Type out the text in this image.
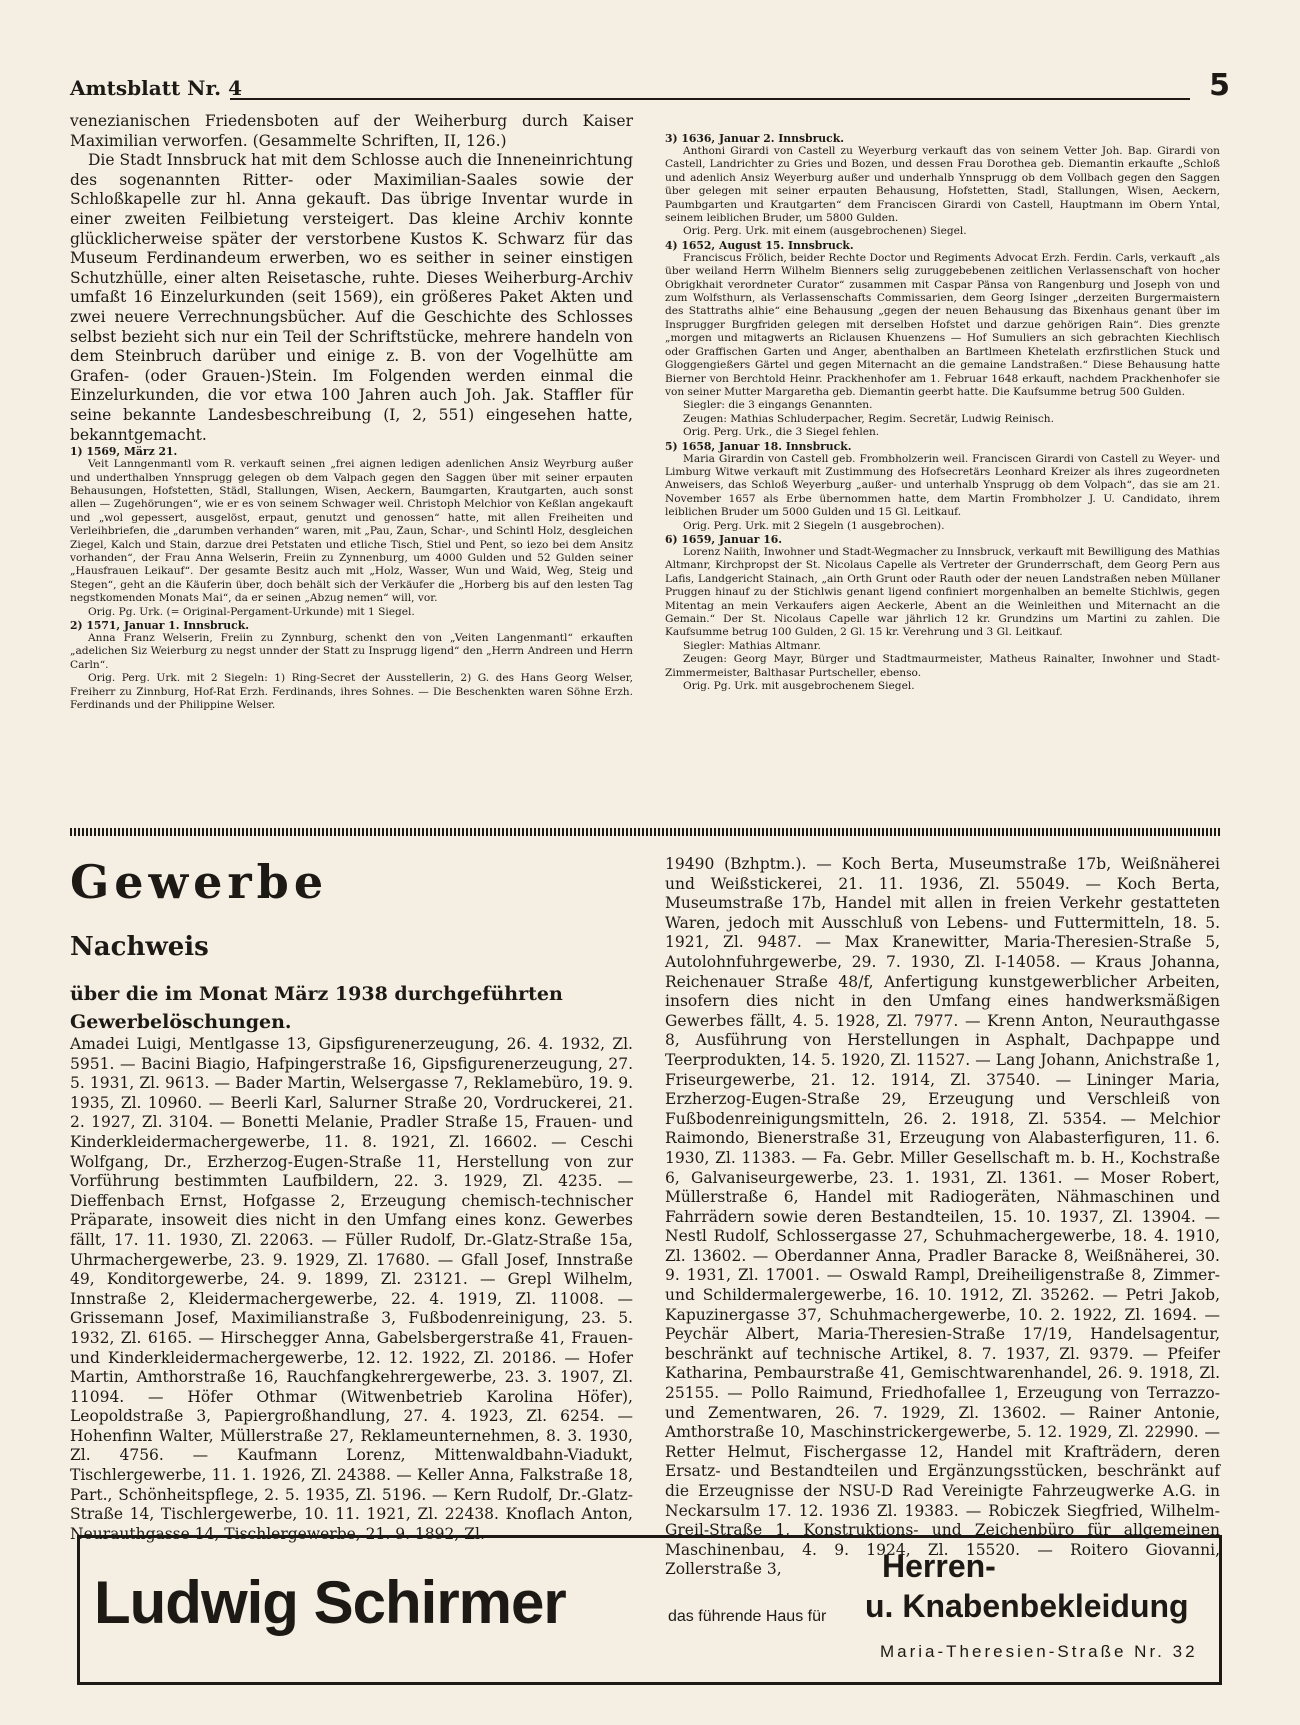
Amtsblatt Nr. 4	5

venezianischen Friedensboten auf der Weiherburg durch Kaiser Maximilian verworfen. (Gesammelte Schriften, II, 126.)

Die Stadt Innsbruck hat mit dem Schlosse auch die Inneneinrichtung des sogenannten Ritter- oder Maximilian-Saales sowie der Schloßkapelle zur hl. Anna gekauft. Das übrige Inventar wurde in einer zweiten Feilbietung versteigert. Das kleine Archiv konnte glücklicherweise später der verstorbene Kustos K. Schwarz für das Museum Ferdinandeum erwerben, wo es seither in seiner einstigen Schutzhülle, einer alten Reisetasche, ruhte. Dieses Weiherburg-Archiv umfaßt 16 Einzelurkunden (seit 1569), ein größeres Paket Akten und zwei neuere Verrechnungsbücher. Auf die Geschichte des Schlosses selbst bezieht sich nur ein Teil der Schriftstücke, mehrere handeln von dem Steinbruch darüber und einige z. B. von der Vogelhütte am Grafen- (oder Grauen-)Stein. Im Folgenden werden einmal die Einzelurkunden, die vor etwa 100 Jahren auch Joh. Jak. Staffler für seine bekannte Landesbeschreibung (I, 2, 551) eingesehen hatte, bekanntgemacht.

1) 1569, März 21.

Veit Lanngenmantl vom R. verkauft seinen „frei aignen ledigen adenlichen Ansiz Weyrburg außer und underthalben Ynnsprugg gelegen ob dem Valpach gegen den Saggen über mit seiner erpauten Behausungen, Hofstetten, Städl, Stallungen, Wisen, Aeckern, Baumgarten, Krautgarten, auch sonst allen — Zugehörungen“, wie er es von seinem Schwager weil. Christoph Melchior von Keßlan angekauft und „wol gepessert, ausgelöst, erpaut, genutzt und genossen“ hatte, mit allen Freiheiten und Verleihbriefen, die „darumben verhanden“ waren, mit „Pau, Zaun, Schar-, und Schintl Holz, desgleichen Ziegel, Kalch und Stain, darzue drei Petstaten und etliche Tisch, Stiel und Pent, so iezo bei dem Ansitz vorhanden“, der Frau Anna Welserin, Freiin zu Zynnenburg, um 4000 Gulden und 52 Gulden seiner „Hausfrauen Leikauf“. Der gesamte Besitz auch mit „Holz, Wasser, Wun und Waid, Weg, Steig und Stegen“, geht an die Käuferin über, doch behält sich der Verkäufer die „Horberg bis auf den lesten Tag negstkomenden Monats Mai“, da er seinen „Abzug nemen“ will, vor.

Orig. Pg. Urk. (= Original-Pergament-Urkunde) mit 1 Siegel.

2) 1571, Januar 1. Innsbruck.

Anna Franz Welserin, Freiin zu Zynnburg, schenkt den von „Veiten Langenmantl“ erkauften „adelichen Siz Weierburg zu negst unnder der Statt zu Insprugg ligend“ den „Herrn Andreen und Herrn Carln“.

Orig. Perg. Urk. mit 2 Siegeln: 1) Ring-Secret der Ausstellerin, 2) G. des Hans Georg Welser, Freiherr zu Zinnburg, Hof-Rat Erzh. Ferdinands, ihres Sohnes. — Die Beschenkten waren Söhne Erzh. Ferdinands und der Philippine Welser.

3) 1636, Januar 2. Innsbruck.

Anthoni Girardi von Castell zu Weyerburg verkauft das von seinem Vetter Joh. Bap. Girardi von Castell, Landrichter zu Gries und Bozen, und dessen Frau Dorothea geb. Diemantin erkaufte „Schloß und adenlich Ansiz Weyerburg außer und underhalb Ynnsprugg ob dem Vollbach gegen den Saggen über gelegen mit seiner erpauten Behausung, Hofstetten, Stadl, Stallungen, Wisen, Aeckern, Paumbgarten und Krautgarten“ dem Franciscen Girardi von Castell, Hauptmann im Obern Yntal, seinem leiblichen Bruder, um 5800 Gulden.

Orig. Perg. Urk. mit einem (ausgebrochenen) Siegel.

4) 1652, August 15. Innsbruck.

Franciscus Frölich, beider Rechte Doctor und Regiments Advocat Erzh. Ferdin. Carls, verkauft „als über weiland Herrn Wilhelm Bienners selig zuruggebebenen zeitlichen Verlassenschaft von hocher Obrigkhait verordneter Curator“ zusammen mit Caspar Pänsa von Rangenburg und Joseph von und zum Wolfsthurn, als Verlassenschafts Commissarien, dem Georg Isinger „derzeiten Burgermaistern des Stattraths alhie“ eine Behausung „gegen der neuen Behausung das Bixenhaus genant über im Insprugger Burgfriden gelegen mit derselben Hofstet und darzue gehörigen Rain“. Dies grenzte „morgen und mitagwerts an Riclausen Khuenzens — Hof Sumuliers an sich gebrachten Kiechlisch oder Graffischen Garten und Anger, abenthalben an Bartlmeen Khetelath erzfirstlichen Stuck und Gloggengießers Gärtel und gegen Miternacht an die gemaine Landstraßen.“ Diese Behausung hatte Bierner von Berchtold Heinr. Prackhenhofer am 1. Februar 1648 erkauft, nachdem Prackhenhofer sie von seiner Mutter Margaretha geb. Diemantin geerbt hatte. Die Kaufsumme betrug 500 Gulden.

Siegler: die 3 eingangs Genannten.

Zeugen: Mathias Schluderpacher, Regim. Secretär, Ludwig Reinisch.

Orig. Perg. Urk., die 3 Siegel fehlen.

5) 1658, Januar 18. Innsbruck.

Maria Girardin von Castell geb. Frombholzerin weil. Franciscen Girardi von Castell zu Weyer- und Limburg Witwe verkauft mit Zustimmung des Hofsecretärs Leonhard Kreizer als ihres zugeordneten Anweisers, das Schloß Weyerburg „außer- und unterhalb Ynsprugg ob dem Volpach“, das sie am 21. November 1657 als Erbe übernommen hatte, dem Martin Frombholzer J. U. Candidato, ihrem leiblichen Bruder um 5000 Gulden und 15 Gl. Leitkauf.

Orig. Perg. Urk. mit 2 Siegeln (1 ausgebrochen).

6) 1659, Januar 16.

Lorenz Naiith, Inwohner und Stadt-Wegmacher zu Innsbruck, verkauft mit Bewilligung des Mathias Altmanr, Kirchpropst der St. Nicolaus Capelle als Vertreter der Grunderrschaft, dem Georg Pern aus Lafis, Landgericht Stainach, „ain Orth Grunt oder Rauth oder der neuen Landstraßen neben Müllaner Pruggen hinauf zu der Stichlwis genant ligend confiniert morgenhalben an bemelte Stichlwis, gegen Mitentag an mein Verkaufers aigen Aeckerle, Abent an die Weinleithen und Miternacht an die Gemain.“ Der St. Nicolaus Capelle war jährlich 12 kr. Grundzins um Martini zu zahlen. Die Kaufsumme betrug 100 Gulden, 2 Gl. 15 kr. Verehrung und 3 Gl. Leitkauf.

Siegler: Mathias Altmanr.

Zeugen: Georg Mayr, Bürger und Stadtmaurmeister, Matheus Rainalter, Inwohner und Stadt-Zimmermeister, Balthasar Purtscheller, ebenso.

Orig. Pg. Urk. mit ausgebrochenem Siegel.

Gewerbe
Nachweis
über die im Monat März 1938 durchgeführten Gewerbelöschungen.

Amadei Luigi, Mentlgasse 13, Gipsfigurenerzeugung, 26. 4. 1932, Zl. 5951. — Bacini Biagio, Hafpingerstraße 16, Gipsfigurenerzeugung, 27. 5. 1931, Zl. 9613. — Bader Martin, Welsergasse 7, Reklamebüro, 19. 9. 1935, Zl. 10960. — Beerli Karl, Salurner Straße 20, Vordruckerei, 21. 2. 1927, Zl. 3104. — Bonetti Melanie, Pradler Straße 15, Frauen- und Kinderkleidermachergewerbe, 11. 8. 1921, Zl. 16602. — Ceschi Wolfgang, Dr., Erzherzog-Eugen-Straße 11, Herstellung von zur Vorführung bestimmten Laufbildern, 22. 3. 1929, Zl. 4235. — Dieffenbach Ernst, Hofgasse 2, Erzeugung chemisch-technischer Präparate, insoweit dies nicht in den Umfang eines konz. Gewerbes fällt, 17. 11. 1930, Zl. 22063. — Füller Rudolf, Dr.-Glatz-Straße 15a, Uhrmachergewerbe, 23. 9. 1929, Zl. 17680. — Gfall Josef, Innstraße 49, Konditorgewerbe, 24. 9. 1899, Zl. 23121. — Grepl Wilhelm, Innstraße 2, Kleidermachergewerbe, 22. 4. 1919, Zl. 11008. — Grissemann Josef, Maximilianstraße 3, Fußbodenreinigung, 23. 5. 1932, Zl. 6165. — Hirschegger Anna, Gabelsbergerstraße 41, Frauen- und Kinderkleidermachergewerbe, 12. 12. 1922, Zl. 20186. — Hofer Martin, Amthorstraße 16, Rauchfangkehrergewerbe, 23. 3. 1907, Zl. 11094. — Höfer Othmar (Witwenbetrieb Karolina Höfer), Leopoldstraße 3, Papiergroßhandlung, 27. 4. 1923, Zl. 6254. — Hohenfinn Walter, Müllerstraße 27, Reklameunternehmen, 8. 3. 1930, Zl. 4756. — Kaufmann Lorenz, Mittenwaldbahn-Viadukt, Tischlergewerbe, 11. 1. 1926, Zl. 24388. — Keller Anna, Falkstraße 18, Part., Schönheitspflege, 2. 5. 1935, Zl. 5196. — Kern Rudolf, Dr.-Glatz-Straße 14, Tischlergewerbe, 10. 11. 1921, Zl. 22438. Knoflach Anton, Neurauthgasse 14, Tischlergewerbe, 21. 9. 1892, Zl.

19490 (Bzhptm.). — Koch Berta, Museumstraße 17b, Weißnäherei und Weißstickerei, 21. 11. 1936, Zl. 55049. — Koch Berta, Museumstraße 17b, Handel mit allen in freien Verkehr gestatteten Waren, jedoch mit Ausschluß von Lebens- und Futtermitteln, 18. 5. 1921, Zl. 9487. — Max Kranewitter, Maria-Theresien-Straße 5, Autolohnfuhrgewerbe, 29. 7. 1930, Zl. I-14058. — Kraus Johanna, Reichenauer Straße 48/f, Anfertigung kunstgewerblicher Arbeiten, insofern dies nicht in den Umfang eines handwerksmäßigen Gewerbes fällt, 4. 5. 1928, Zl. 7977. — Krenn Anton, Neurauthgasse 8, Ausführung von Herstellungen in Asphalt, Dachpappe und Teerprodukten, 14. 5. 1920, Zl. 11527. — Lang Johann, Anichstraße 1, Friseurgewerbe, 21. 12. 1914, Zl. 37540. — Lininger Maria, Erzherzog-Eugen-Straße 29, Erzeugung und Verschleiß von Fußbodenreinigungsmitteln, 26. 2. 1918, Zl. 5354. — Melchior Raimondo, Bienerstraße 31, Erzeugung von Alabasterfiguren, 11. 6. 1930, Zl. 11383. — Fa. Gebr. Miller Gesellschaft m. b. H., Kochstraße 6, Galvaniseurgewerbe, 23. 1. 1931, Zl. 1361. — Moser Robert, Müllerstraße 6, Handel mit Radiogeräten, Nähmaschinen und Fahrrädern sowie deren Bestandteilen, 15. 10. 1937, Zl. 13904. — Nestl Rudolf, Schlossergasse 27, Schuhmachergewerbe, 18. 4. 1910, Zl. 13602. — Oberdanner Anna, Pradler Baracke 8, Weißnäherei, 30. 9. 1931, Zl. 17001. — Oswald Rampl, Dreiheiligenstraße 8, Zimmer- und Schildermalergewerbe, 16. 10. 1912, Zl. 35262. — Petri Jakob, Kapuzinergasse 37, Schuhmachergewerbe, 10. 2. 1922, Zl. 1694. — Peychär Albert, Maria-Theresien-Straße 17/19, Handelsagentur, beschränkt auf technische Artikel, 8. 7. 1937, Zl. 9379. — Pfeifer Katharina, Pembaurstraße 41, Gemischtwarenhandel, 26. 9. 1918, Zl. 25155. — Pollo Raimund, Friedhofallee 1, Erzeugung von Terrazzo- und Zementwaren, 26. 7. 1929, Zl. 13602. — Rainer Antonie, Amthorstraße 10, Maschinstrickergewerbe, 5. 12. 1929, Zl. 22990. — Retter Helmut, Fischergasse 12, Handel mit Krafträdern, deren Ersatz- und Bestandteilen und Ergänzungsstücken, beschränkt auf die Erzeugnisse der NSU-D Rad Vereinigte Fahrzeugwerke A.G. in Neckarsulm 17. 12. 1936 Zl. 19383. — Robiczek Siegfried, Wilhelm-Greil-Straße 1, Konstruktions- und Zeichenbüro für allgemeinen Maschinenbau, 4. 9. 1924, Zl. 15520. — Roitero Giovanni, Zollerstraße 3,

Ludwig Schirmer	das führende Haus für
Herren-
u. Knabenbekleidung
Maria-Theresien-Straße Nr. 32
